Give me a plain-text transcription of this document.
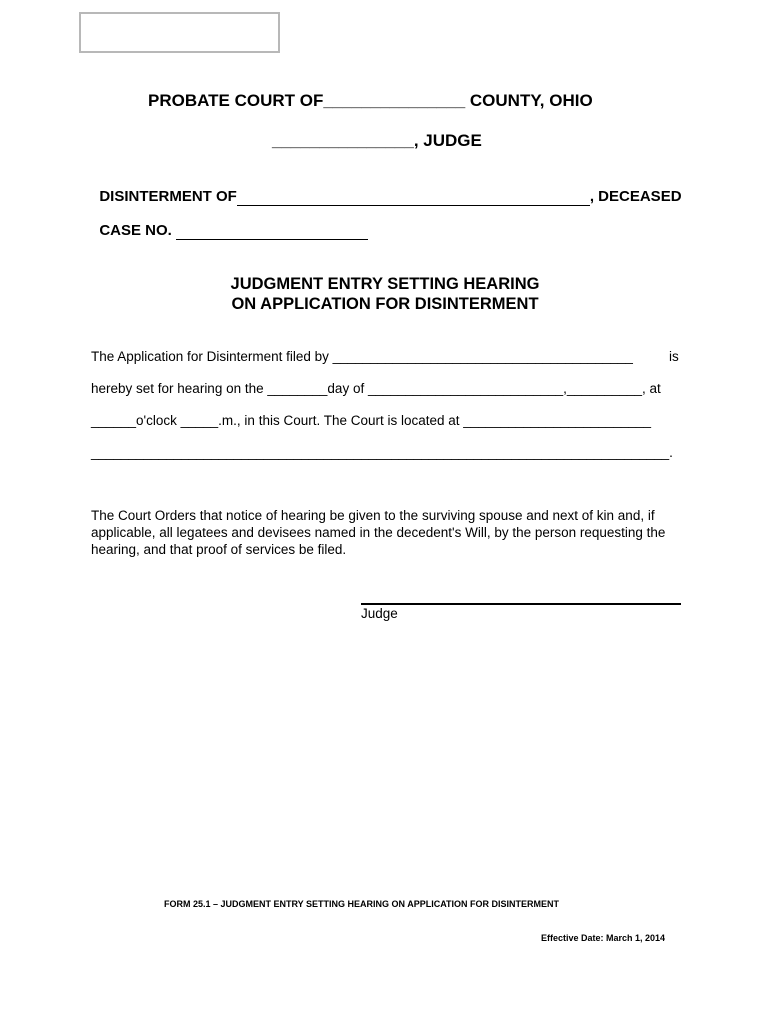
PROBATE COURT OF_______________ COUNTY, OHIO
_______________, JUDGE

DISINTERMENT OF	, DECEASED

CASE NO.

JUDGMENT ENTRY SETTING HEARING
ON APPLICATION FOR DISINTERMENT
The Application for Disinterment filed by ________________________________________	is
hereby set for hearing on the ________day of __________________________,__________, at
______o'clock _____.m., in this Court. The Court is located at _________________________
_____________________________________________________________________________.
The Court Orders that notice of hearing be given to the surviving spouse and next of kin and, if applicable, all legatees and devisees named in the decedent's Will, by the person requesting the hearing, and that proof of services be filed.
Judge
FORM 25.1 – JUDGMENT ENTRY SETTING HEARING ON APPLICATION FOR DISINTERMENT
Effective Date: March 1, 2014
